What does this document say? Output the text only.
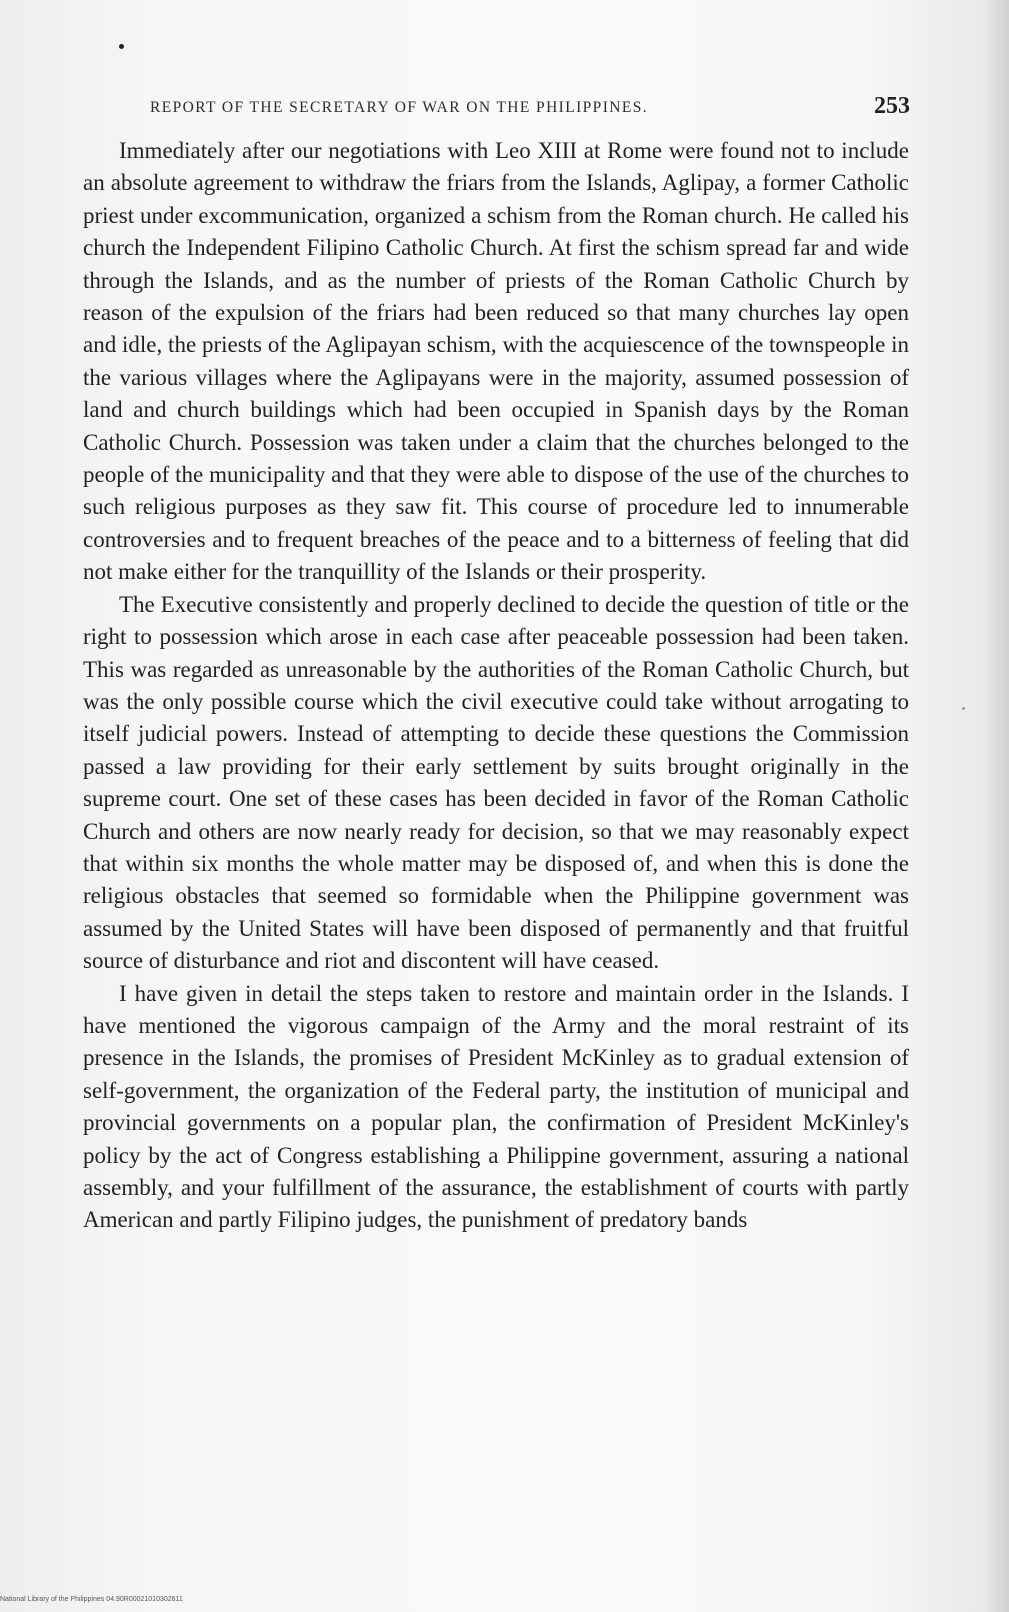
REPORT OF THE SECRETARY OF WAR ON THE PHILIPPINES.	253

Immediately after our negotiations with Leo XIII at Rome were found not to include an absolute agreement to withdraw the friars from the Islands, Aglipay, a former Catholic priest under excommunication, organized a schism from the Roman church. He called his church the Independent Filipino Catholic Church. At first the schism spread far and wide through the Islands, and as the number of priests of the Roman Catholic Church by reason of the expulsion of the friars had been reduced so that many churches lay open and idle, the priests of the Aglipayan schism, with the acquiescence of the townspeople in the various villages where the Aglipayans were in the majority, assumed possession of land and church buildings which had been occupied in Spanish days by the Roman Catholic Church. Possession was taken under a claim that the churches belonged to the people of the municipality and that they were able to dispose of the use of the churches to such religious purposes as they saw fit. This course of procedure led to innumerable controversies and to frequent breaches of the peace and to a bitterness of feeling that did not make either for the tranquillity of the Islands or their prosperity.

The Executive consistently and properly declined to decide the question of title or the right to possession which arose in each case after peaceable possession had been taken. This was regarded as unreasonable by the authorities of the Roman Catholic Church, but was the only possible course which the civil executive could take without arrogating to itself judicial powers. Instead of attempting to decide these questions the Commission passed a law providing for their early settlement by suits brought originally in the supreme court. One set of these cases has been decided in favor of the Roman Catholic Church and others are now nearly ready for decision, so that we may reasonably expect that within six months the whole matter may be disposed of, and when this is done the religious obstacles that seemed so formidable when the Philippine government was assumed by the United States will have been disposed of permanently and that fruitful source of disturbance and riot and discontent will have ceased.

I have given in detail the steps taken to restore and maintain order in the Islands. I have mentioned the vigorous campaign of the Army and the moral restraint of its presence in the Islands, the promises of President McKinley as to gradual extension of self-government, the organization of the Federal party, the institution of municipal and provincial governments on a popular plan, the confirmation of President McKinley's policy by the act of Congress establishing a Philippine government, assuring a national assembly, and your fulfillment of the assurance, the establishment of courts with partly American and partly Filipino judges, the punishment of predatory bands

National Library of the Philippines 04.90R00021010302611
